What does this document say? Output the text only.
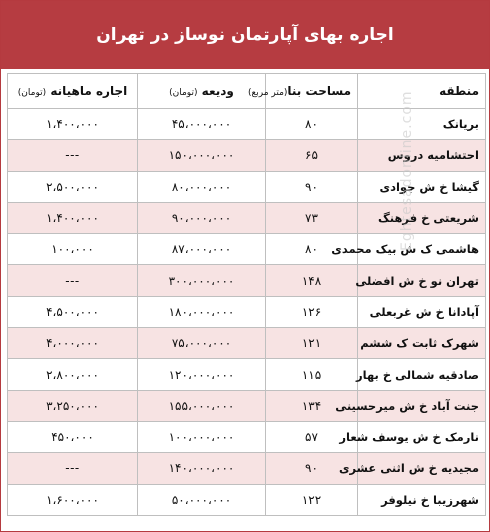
اجاره بهای آپارتمان نوساز در تهران
منطقه	مساحت بنا(متر مربع)	ودیعه (تومان)	اجاره ماهیانه (تومان)
بریانک	۸۰	۴۵،۰۰۰،۰۰۰	۱،۴۰۰،۰۰۰
احتشامیه دروس	۶۵	۱۵۰،۰۰۰،۰۰۰	---
گیشا خ ش جوادی	۹۰	۸۰،۰۰۰،۰۰۰	۲،۵۰۰،۰۰۰
شریعتی خ فرهنگ	۷۳	۹۰،۰۰۰،۰۰۰	۱،۴۰۰،۰۰۰
هاشمی ک ش بیک محمدی	۸۰	۸۷،۰۰۰،۰۰۰	۱۰۰،۰۰۰
تهران نو خ ش افضلی	۱۴۸	۳۰۰،۰۰۰،۰۰۰	---
آپادانا خ ش غربعلی	۱۲۶	۱۸۰،۰۰۰،۰۰۰	۴،۵۰۰،۰۰۰
شهرک ثابت ک ششم	۱۲۱	۷۵،۰۰۰،۰۰۰	۴،۰۰۰،۰۰۰
صادقیه شمالی خ بهار	۱۱۵	۱۲۰،۰۰۰،۰۰۰	۲،۸۰۰،۰۰۰
جنت آباد خ ش میرحسینی	۱۳۴	۱۵۵،۰۰۰،۰۰۰	۳،۲۵۰،۰۰۰
نارمک خ ش یوسف شعار	۵۷	۱۰۰،۰۰۰،۰۰۰	۴۵۰،۰۰۰
مجیدیه خ ش اثنی عشری	۹۰	۱۴۰،۰۰۰،۰۰۰	---
شهرزیبا خ نیلوفر	۱۲۲	۵۰،۰۰۰،۰۰۰	۱،۶۰۰،۰۰۰
Eghtesadonline.com
